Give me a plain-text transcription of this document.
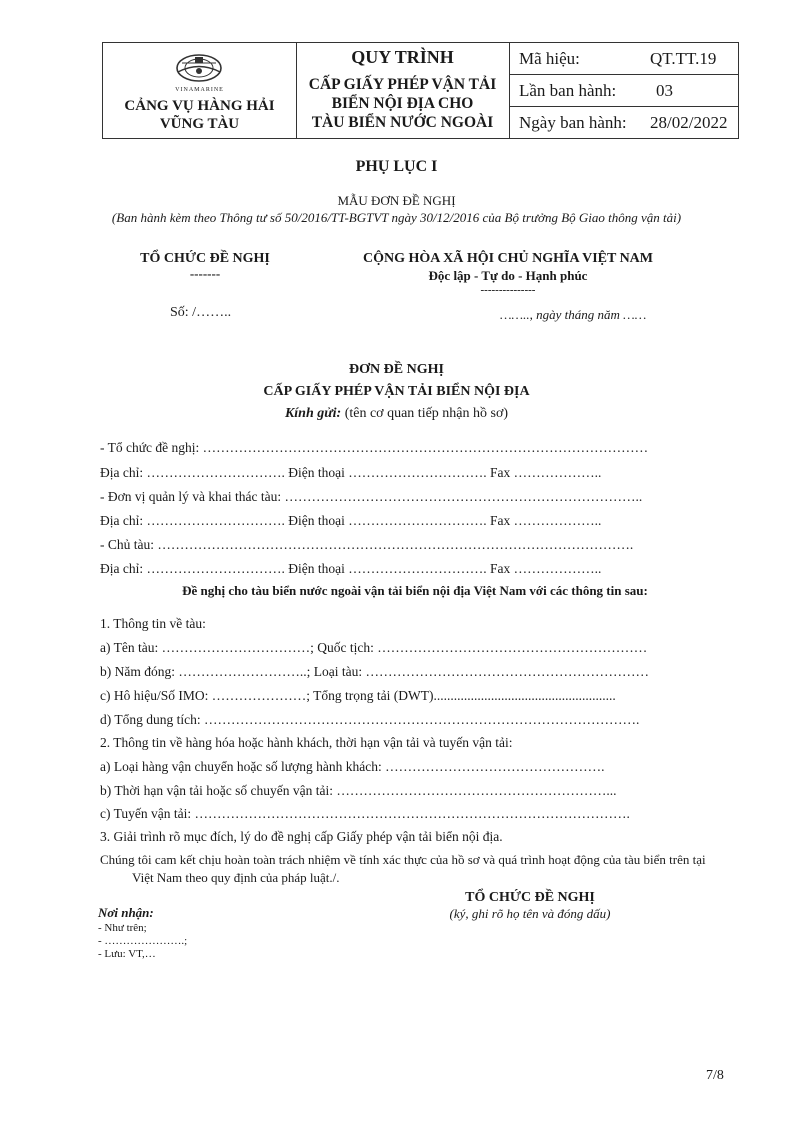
VINAMARINE
CẢNG VỤ HÀNG HẢI
VŨNG TÀU
QUY TRÌNH
CẤP GIẤY PHÉP VẬN TẢI
BIỂN NỘI ĐỊA CHO
TÀU BIỂN NƯỚC NGOÀI
Mã hiệu:	QT.TT.19
Lần ban hành: 03
Ngày ban hành: 28/02/2022
PHỤ LỤC I
MẪU ĐƠN ĐỀ NGHỊ
(Ban hành kèm theo Thông tư số 50/2016/TT-BGTVT ngày 30/12/2016 của Bộ trưởng Bộ Giao thông vận tải)
TỔ CHỨC ĐỀ NGHỊ
-------
CỘNG HÒA XÃ HỘI CHỦ NGHĨA VIỆT NAM
Độc lập - Tự do - Hạnh phúc
---------------
Số: /……..	…….., ngày tháng năm ……
ĐƠN ĐỀ NGHỊ
CẤP GIẤY PHÉP VẬN TẢI BIỂN NỘI ĐỊA
Kính gửi: (tên cơ quan tiếp nhận hồ sơ)
- Tổ chức đề nghị: ………………………………………………………………………………………
Địa chỉ: …………………………. Điện thoại …………………………. Fax ………………..
- Đơn vị quản lý và khai thác tàu: ……………………………………………………………………..
Địa chỉ: …………………………. Điện thoại …………………………. Fax ………………..
- Chủ tàu: …………………………………………………………………………………………….
Địa chỉ: …………………………. Điện thoại …………………………. Fax ………………..
Đề nghị cho tàu biển nước ngoài vận tải biển nội địa Việt Nam với các thông tin sau:
1. Thông tin về tàu:
a) Tên tàu: ……………………………; Quốc tịch: ……………………………………………………
b) Năm đóng: ………………………..; Loại tàu: ………………………………………………………
c) Hô hiệu/Số IMO: …………………; Tổng trọng tải (DWT)......................................................
d) Tổng dung tích: …………………………………………………………………………………….
2. Thông tin về hàng hóa hoặc hành khách, thời hạn vận tải và tuyến vận tải:
a) Loại hàng vận chuyển hoặc số lượng hành khách: ………………………………………….
b) Thời hạn vận tải hoặc số chuyến vận tải: ……………………………………………………...
c) Tuyến vận tải: …………………………………………………………………………………….
3. Giải trình rõ mục đích, lý do đề nghị cấp Giấy phép vận tải biển nội địa.
Chúng tôi cam kết chịu hoàn toàn trách nhiệm về tính xác thực của hồ sơ và quá trình hoạt động của tàu biển trên tại
Việt Nam theo quy định của pháp luật./.
TỔ CHỨC ĐỀ NGHỊ
(ký, ghi rõ họ tên và đóng dấu)
Nơi nhận:
- Như trên;
- ………………….;
- Lưu: VT,…
7/8
